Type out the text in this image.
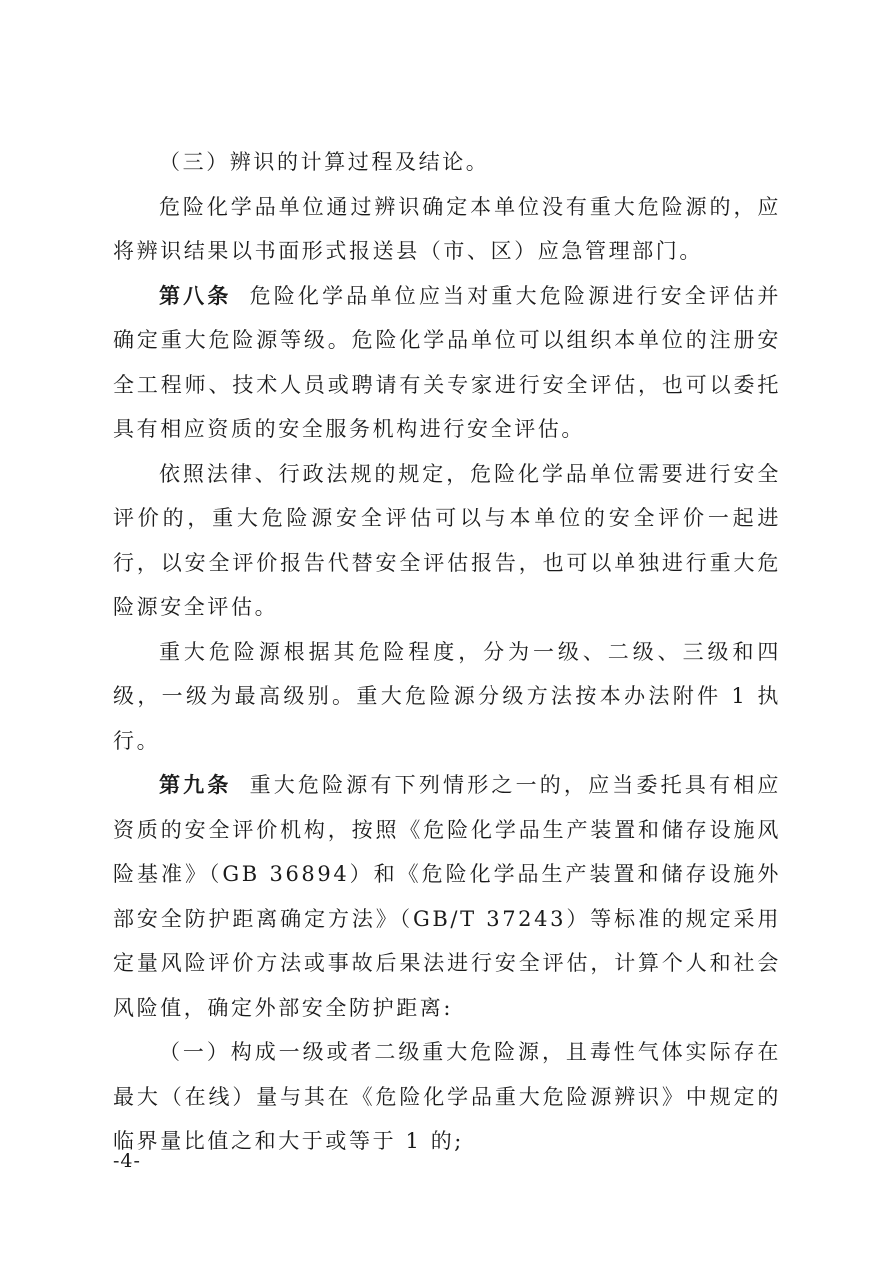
（三）辨识的计算过程及结论。

危险化学品单位通过辨识确定本单位没有重大危险源的，应将辨识结果以书面形式报送县（市、区）应急管理部门。

第八条 危险化学品单位应当对重大危险源进行安全评估并确定重大危险源等级。危险化学品单位可以组织本单位的注册安全工程师、技术人员或聘请有关专家进行安全评估，也可以委托具有相应资质的安全服务机构进行安全评估。

依照法律、行政法规的规定，危险化学品单位需要进行安全评价的，重大危险源安全评估可以与本单位的安全评价一起进行，以安全评价报告代替安全评估报告，也可以单独进行重大危险源安全评估。

重大危险源根据其危险程度，分为一级、二级、三级和四级，一级为最高级别。重大危险源分级方法按本办法附件 1 执行。

第九条 重大危险源有下列情形之一的，应当委托具有相应资质的安全评价机构，按照《危险化学品生产装置和储存设施风险基准》（GB 36894）和《危险化学品生产装置和储存设施外部安全防护距离确定方法》（GB/T 37243）等标准的规定采用定量风险评价方法或事故后果法进行安全评估，计算个人和社会风险值，确定外部安全防护距离:

（一）构成一级或者二级重大危险源，且毒性气体实际存在最大（在线）量与其在《危险化学品重大危险源辨识》中规定的临界量比值之和大于或等于 1 的;

-4-
